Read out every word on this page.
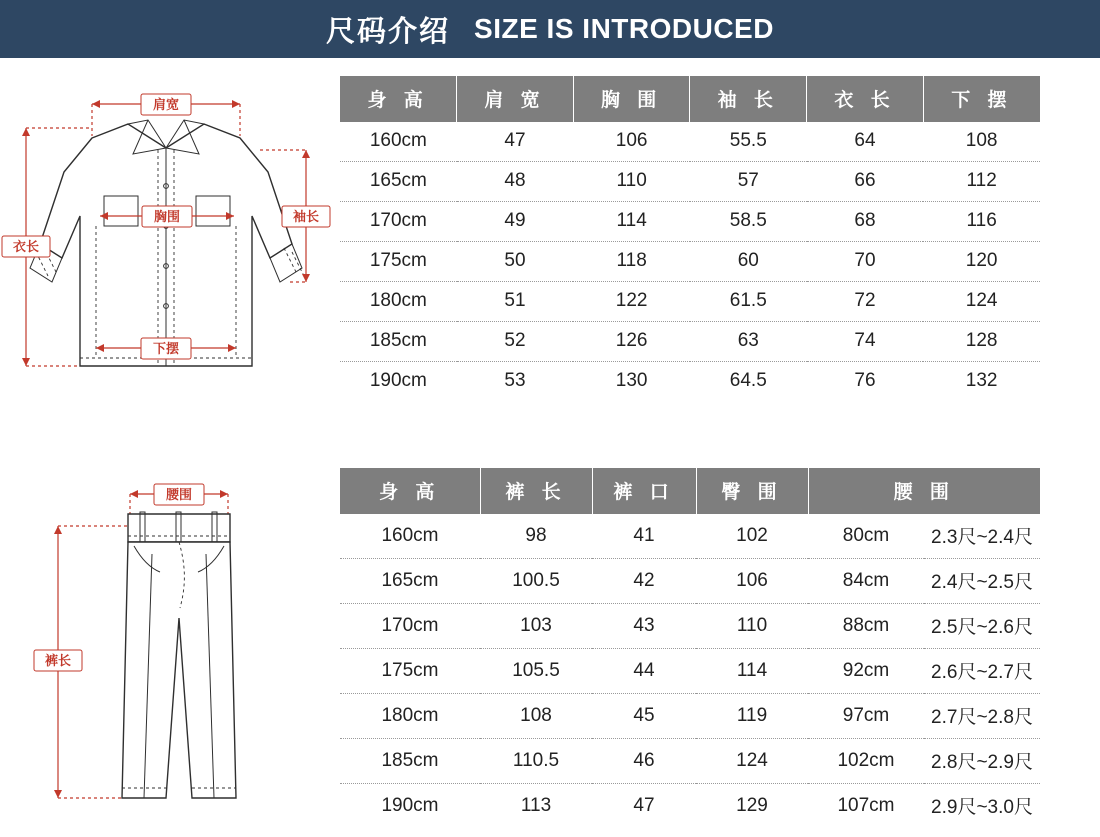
尺码介绍 SIZE IS INTRODUCED
肩宽
胸围
下摆
衣长
袖长
身 高	肩 宽	胸 围	袖 长	衣 长	下 摆
160cm	47	106	55.5	64	108
165cm	48	110	57	66	112
170cm	49	114	58.5	68	116
175cm	50	118	60	70	120
180cm	51	122	61.5	72	124
185cm	52	126	63	74	128
190cm	53	130	64.5	76	132
腰围
裤长
身 高	裤 长	裤 口	臀 围	腰 围	
160cm	98	41	102	80cm	2.3尺~2.4尺
165cm	100.5	42	106	84cm	2.4尺~2.5尺
170cm	103	43	110	88cm	2.5尺~2.6尺
175cm	105.5	44	114	92cm	2.6尺~2.7尺
180cm	108	45	119	97cm	2.7尺~2.8尺
185cm	110.5	46	124	102cm	2.8尺~2.9尺
190cm	113	47	129	107cm	2.9尺~3.0尺
